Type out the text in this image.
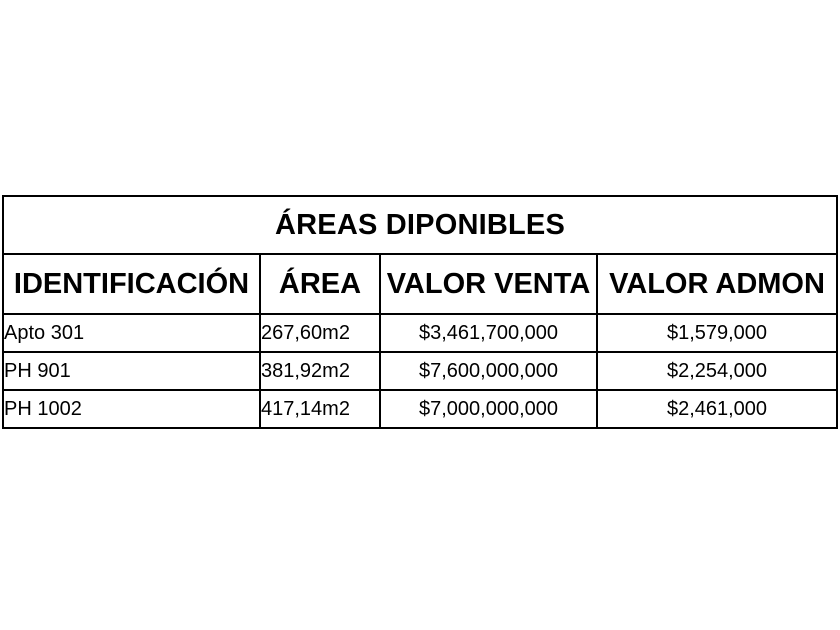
ÁREAS DIPONIBLES			
IDENTIFICACIÓN	ÁREA	VALOR VENTA	VALOR ADMON
Apto 301	267,60m2	$3,461,700,000	$1,579,000
PH 901	381,92m2	$7,600,000,000	$2,254,000
PH 1002	417,14m2	$7,000,000,000	$2,461,000
